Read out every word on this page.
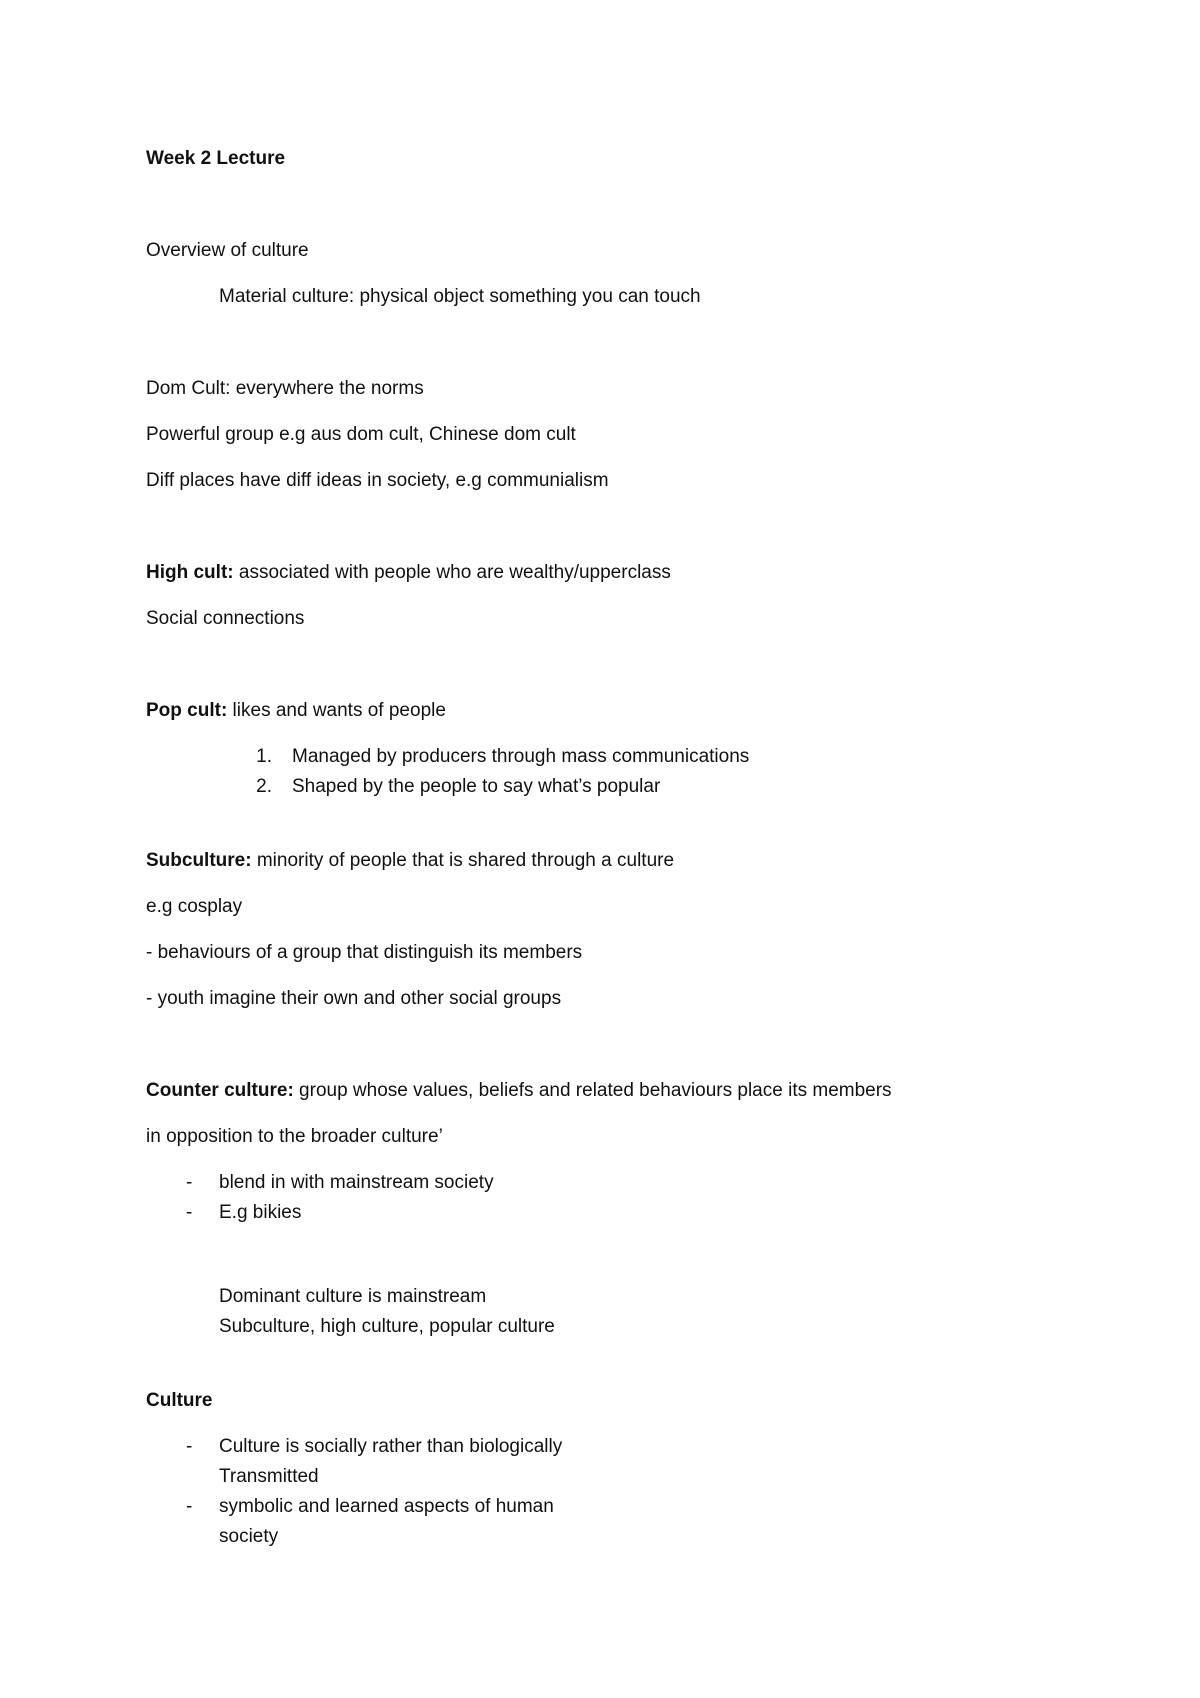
Week 2 Lecture
Overview of culture
Material culture: physical object something you can touch
Dom Cult: everywhere the norms
Powerful group e.g aus dom cult, Chinese dom cult
Diff places have diff ideas in society, e.g communialism
High cult: associated with people who are wealthy/upperclass
Social connections
Pop cult: likes and wants of people
1. Managed by producers through mass communications
2. Shaped by the people to say what’s popular
Subculture: minority of people that is shared through a culture
e.g cosplay
- behaviours of a group that distinguish its members
- youth imagine their own and other social groups
Counter culture: group whose values, beliefs and related behaviours place its members
in opposition to the broader culture’
- blend in with mainstream society
- E.g bikies
Dominant culture is mainstream
Subculture, high culture, popular culture
Culture
- Culture is socially rather than biologically
Transmitted
- symbolic and learned aspects of human
society
